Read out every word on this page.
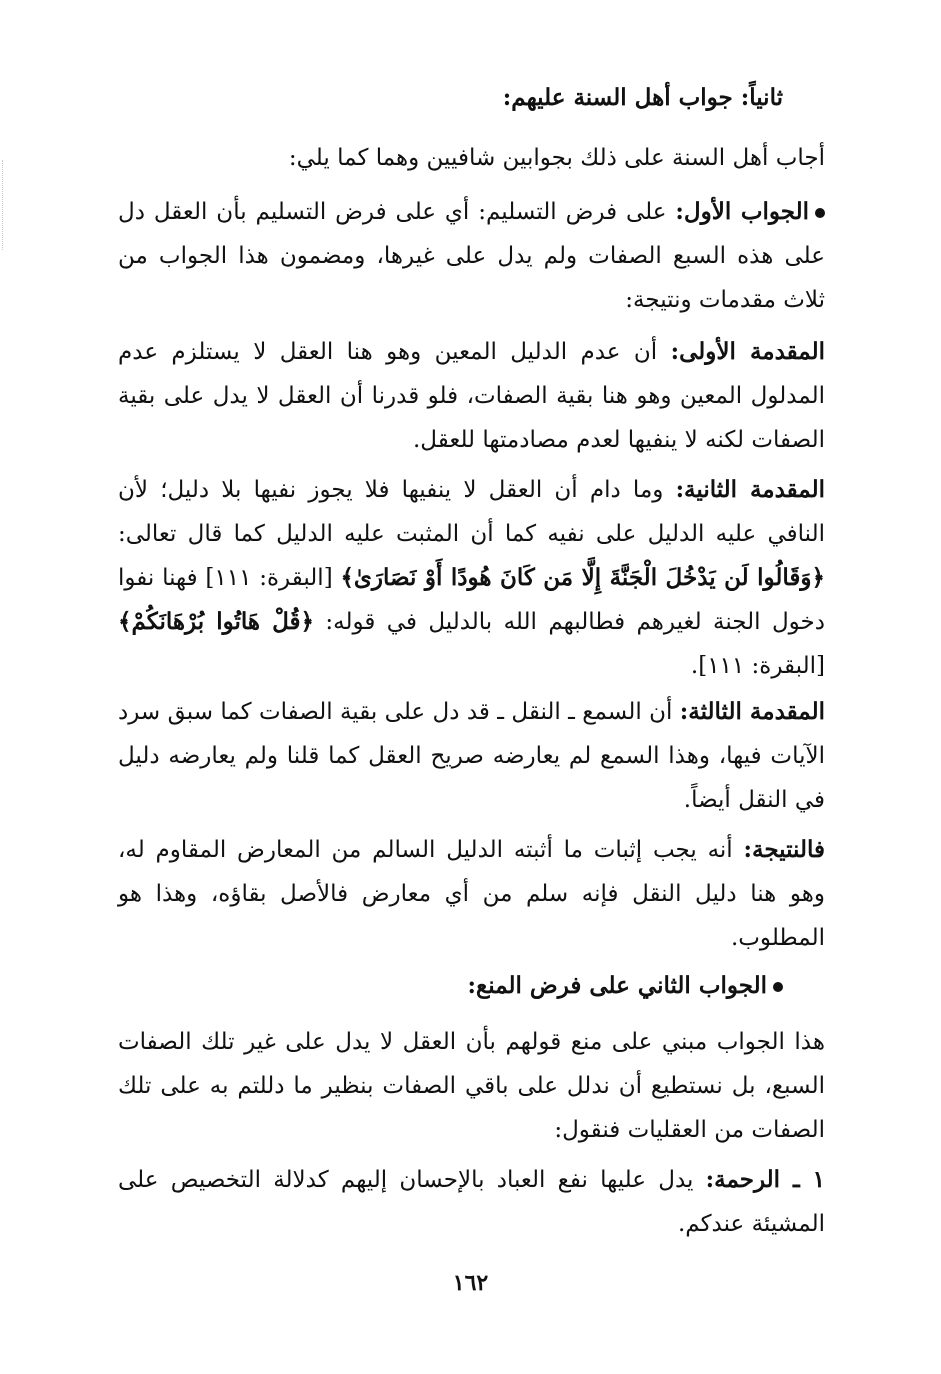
ثانياً: جواب أهل السنة عليهم:
أجاب أهل السنة على ذلك بجوابين شافيين وهما كما يلي:
الجواب الأول: على فرض التسليم: أي على فرض التسليم بأن العقل دل على هذه السبع الصفات ولم يدل على غيرها، ومضمون هذا الجواب من ثلاث مقدمات ونتيجة:
المقدمة الأولى: أن عدم الدليل المعين وهو هنا العقل لا يستلزم عدم المدلول المعين وهو هنا بقية الصفات، فلو قدرنا أن العقل لا يدل على بقية الصفات لكنه لا ينفيها لعدم مصادمتها للعقل.
المقدمة الثانية: وما دام أن العقل لا ينفيها فلا يجوز نفيها بلا دليل؛ لأن النافي عليه الدليل على نفيه كما أن المثبت عليه الدليل كما قال تعالى: ﴿وَقَالُوا لَن يَدْخُلَ الْجَنَّةَ إِلَّا مَن كَانَ هُودًا أَوْ نَصَارَىٰ﴾ [البقرة: ١١١] فهنا نفوا دخول الجنة لغيرهم فطالبهم الله بالدليل في قوله: ﴿قُلْ هَاتُوا بُرْهَانَكُمْ﴾ [البقرة: ١١١].
المقدمة الثالثة: أن السمع ـ النقل ـ قد دل على بقية الصفات كما سبق سرد الآيات فيها، وهذا السمع لم يعارضه صريح العقل كما قلنا ولم يعارضه دليل في النقل أيضاً.
فالنتيجة: أنه يجب إثبات ما أثبته الدليل السالم من المعارض المقاوم له، وهو هنا دليل النقل فإنه سلم من أي معارض فالأصل بقاؤه، وهذا هو المطلوب.
الجواب الثاني على فرض المنع:
هذا الجواب مبني على منع قولهم بأن العقل لا يدل على غير تلك الصفات السبع، بل نستطيع أن ندلل على باقي الصفات بنظير ما دللتم به على تلك الصفات من العقليات فنقول:
١ ـ الرحمة: يدل عليها نفع العباد بالإحسان إليهم كدلالة التخصيص على المشيئة عندكم.
١٦٢
